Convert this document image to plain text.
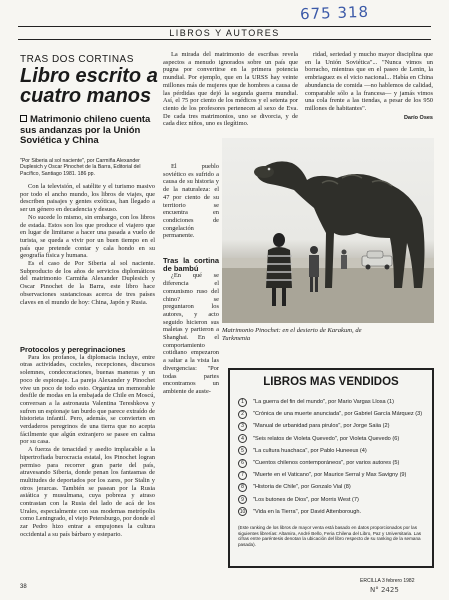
675 318
LIBROS Y AUTORES
TRAS DOS CORTINAS
Libro escrito a cuatro manos
Matrimonio chileno cuenta sus andanzas por la Unión Soviética y China
"Por Siberia al sol naciente", por Carmiña Alexander Duplesich y Oscar Pinochet de la Barra, Editorial del Pacífico, Santiago 1981. 186 pp.

Con la televisión, el satélite y el turismo masivo por todo el ancho mundo, los libros de viajes, que describen paisajes y gentes exóticas, han llegado a ser un género en decadencia y desuso.

No sucede lo mismo, sin embargo, con los libros de estada. Estos son los que produce el viajero que en lugar de limitarse a hacer una pasada a vuelo de turista, se queda a vivir por un buen tiempo en el país que pretende contar y cala hondo en su geografía física y humana.

Es el caso de Por Siberia al sol naciente. Subproducto de los años de servicios diplomáticos del matrimonio Carmiña Alexander Duplesich y Oscar Pinochet de la Barra, este libro hace observaciones sustanciosas acerca de tres países claves en el mundo de hoy: China, Japón y Rusia.

Protocolos y peregrinaciones

Para los profanos, la diplomacia incluye, entre otras actividades, cocteles, recepciones, discursos solemnes, condecoraciones, buenas maneras y un poco de espionaje. La pareja Alexander y Pinochet vive un poco de todo esto. Organiza un memorable desfile de modas en la embajada de Chile en Moscú, conversan a la astronauta Valentina Tereshkova y sufren un espionaje tan burdo que parece extraído de historieta infantil. Pero, además, se convierten en verdaderos peregrinos de una tierra que no acepta fácilmente que algún extranjero se pasee en calma por su casa.

A fuerza de tenacidad y asedio implacable a la hipertrofiada burocracia estatal, los Pinochet logran permiso para recorrer gran parte del país, atravesando Siberia, donde penan los fantasmas de multitudes de deportados por los zares, por Stalin y otros jerarcas. También se pasean por la Rusia asiática y musulmana, cuya pobreza y atraso contrastan con la Rusia del lado de acá de los Urales, especialmente con sus modernas metrópolis como Leningrado, el viejo Petersburgo, por donde el zar Pedro hizo entrar a empujones la cultura occidental a su país bárbaro y estepario.

La mirada del matrimonio de escribas revela aspectos a menudo ignorados sobre un país que pugna por convertirse en la primera potencia mundial. Por ejemplo, que en la URSS hay veinte millones más de mujeres que de hombres a causa de las pérdidas que dejó la segunda guerra mundial. Así, el 75 por ciento de los médicos y el setenta por ciento de los profesores pertenecen al sexo de Eva. De cada tres matrimonios, uno se divorcia, y de cada diez niños, uno es ilegítimo.

El pueblo soviético es sufrido a causa de su historia y de la naturaleza: el 47 por ciento de su territorio se encuentra en condiciones de congelación permanente.

Tras la cortina de bambú

¿En qué se diferencia el comunismo ruso del chino? se preguntaron los autores, y acto seguido hicieron sus maletas y partieron a Shanghai. En el comportamiento cotidiano empezaron a saltar a la vista las divergencias: "Por todas partes encontramos un ambiente de auste-

ridad, seriedad y mucho mayor disciplina que en la Unión Soviética"... "Nunca vimos un borracho, mientras que en el paseo de Lenin, la embriaguez es el vicio nacional... Había en China abundancia de comida —no hablemos de calidad, comparable sólo a la francesa— y jamás vimos una cola frente a las tiendas, a pesar de los 950 millones de habitantes".

Darío Oses
Matrimonio Pinochet: en el desierto de Karakum, de Turkmenia
LIBROS MAS VENDIDOS
1	"La guerra del fin del mundo", por Mario Vargas Llosa (1)
2	"Crónica de una muerte anunciada", por Gabriel García Márquez (3)
3	"Manual de urbanidad para pirulos", por Jorge Saiia (2)
4	"Seis relatos de Violeta Quevedo", por Violeta Quevedo (6)
5	"La cultura huachaca", por Pablo Huneeus (4)
6	"Cuentos chilenos contemporáneos", por varios autores (5)
7	"Muerte en el Vaticano", por Maurice Serral y Max Savigny (9)
8	"Historia de Chile", por Gonzalo Vial (8)
9	"Los butones de Dios", por Morris West (7)
10	"Vida en la Tierra", por David Attenborough.
(Este ranking de los libros de mayor venta está basado en datos proporcionados por las siguientes librerías: Altamira, André Bello, Feria Chilena del Libro, Paz y Universitaria. Las cifras entre paréntesis denotan la ubicación del libro respecto de su ranking de la semana pasada).
38
ERCILLA 3 febrero 1982
N° 2425
